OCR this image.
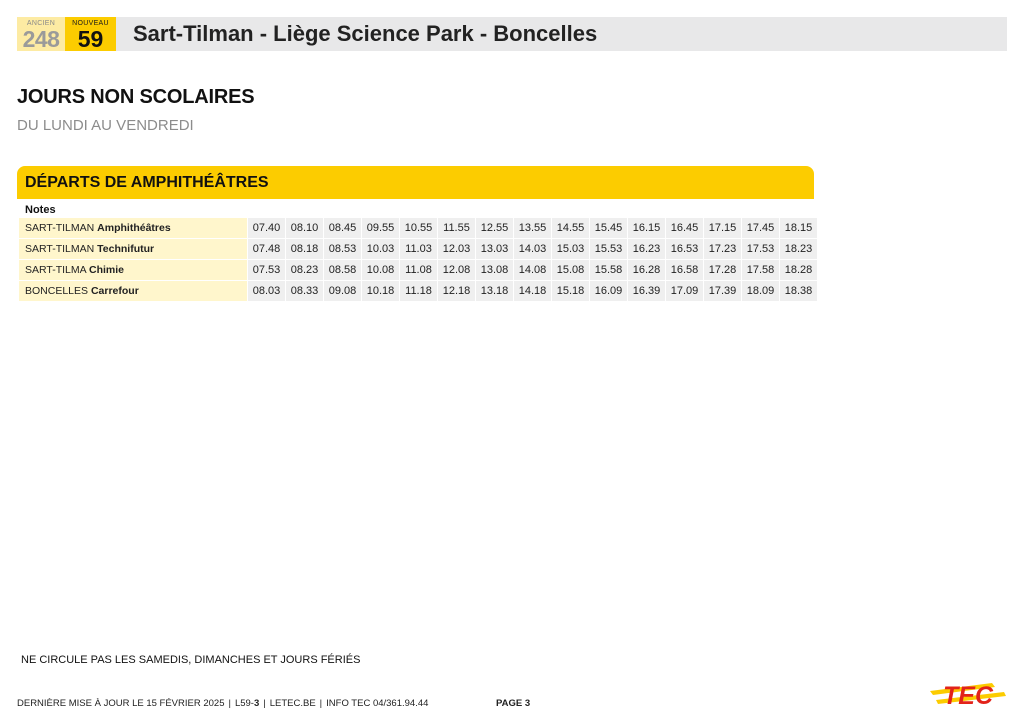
ANCIEN
248
NOUVEAU
59	Sart-Tilman - Liège Science Park - Boncelles
JOURS NON SCOLAIRES
DU LUNDI AU VENDREDI
DÉPARTS DE AMPHITHÉÂTRES
Notes
SART-TILMAN Amphithéâtres	07.40 08.10 08.45 09.55 10.55 11.55 12.55 13.55 14.55 15.45 16.15 16.45 17.15 17.45 18.15
SART-TILMAN Technifutur	07.48 08.18 08.53 10.03 11.03 12.03 13.03 14.03 15.03 15.53 16.23 16.53 17.23 17.53 18.23
SART-TILMA Chimie	07.53 08.23 08.58 10.08 11.08 12.08 13.08 14.08 15.08 15.58 16.28 16.58 17.28 17.58 18.28
BONCELLES Carrefour	08.03 08.33 09.08 10.18 11.18 12.18 13.18 14.18 15.18 16.09 16.39 17.09 17.39 18.09 18.38
NE CIRCULE PAS LES SAMEDIS, DIMANCHES ET JOURS FÉRIÉS
DERNIÈRE MISE À JOUR LE 15 FÉVRIER 2025 | L59-3 | LETEC.BE | INFO TEC 04/361.94.44	PAGE 3	TEC
